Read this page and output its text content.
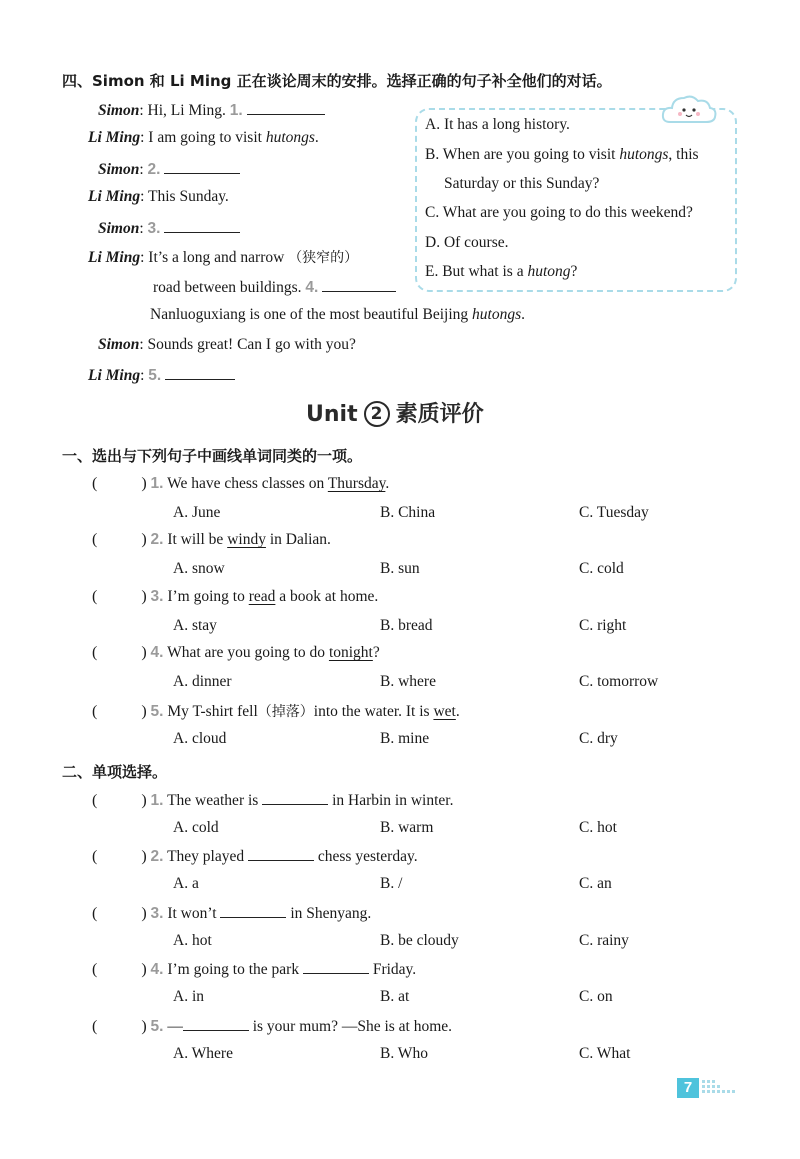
四、Simon 和 Li Ming 正在谈论周末的安排。选择正确的句子补全他们的对话。
Simon: Hi, Li Ming. 1.
Li Ming: I am going to visit hutongs.
Simon: 2.
Li Ming: This Sunday.
Simon: 3.
Li Ming: It’s a long and narrow （狭窄的）
road between buildings. 4.
Nanluoguxiang is one of the most beautiful Beijing hutongs.
Simon: Sounds great! Can I go with you?
Li Ming: 5.
A. It has a long history.
B. When are you going to visit hutongs, this
Saturday or this Sunday?
C. What are you going to do this weekend?
D. Of course.
E. But what is a hutong?
Unit 2 素质评价
一、选出与下列句子中画线单词同类的一项。
(	) 1. We have chess classes on Thursday.
A. June	B. China	C. Tuesday
(	) 2. It will be windy in Dalian.
A. snow	B. sun	C. cold
(	) 3. I’m going to read a book at home.
A. stay	B. bread	C. right
(	) 4. What are you going to do tonight?
A. dinner	B. where	C. tomorrow
(	) 5. My T-shirt fell（掉落）into the water. It is wet.
A. cloud	B. mine	C. dry
(	) 1. The weather is	in Harbin in winter.
A. cold	B. warm	C. hot
(	) 2. They played	chess yesterday.
A. a	B. /	C. an
(	) 3. It won’t	in Shenyang.
A. hot	B. be cloudy	C. rainy
(	) 4. I’m going to the park	Friday.
A. in	B. at	C. on
(	) 5. —	is your mum? —She is at home.
A. Where	B. Who	C. What
二、单项选择。
7
